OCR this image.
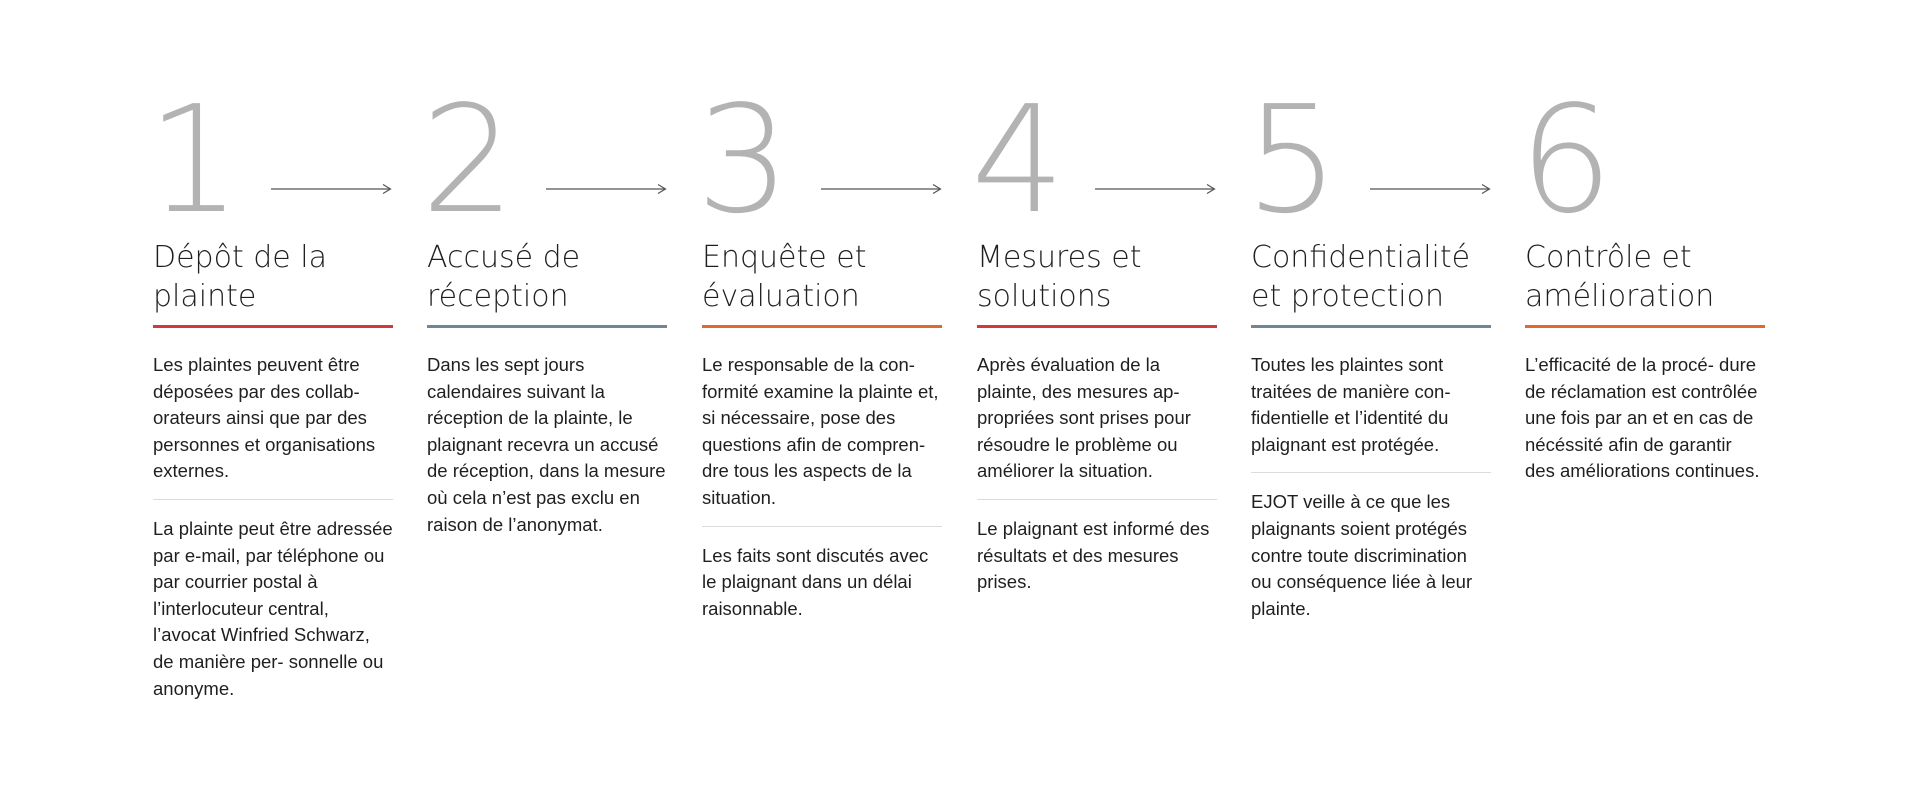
1
Dépôt de la
plainte

Les plaintes peuvent être déposées par des collab- orateurs ainsi que par des personnes et organisations externes.

La plainte peut être adressée par e-mail, par téléphone ou par courrier postal à l’interlocuteur central, l’avocat Winfried Schwarz, de manière per- sonnelle ou anonyme.

2
Accusé de
réception

Dans les sept jours calendaires suivant la réception de la plainte, le plaignant recevra un accusé de réception, dans la mesure où cela n’est pas exclu en raison de l’anonymat.

3
Enquête et
évaluation

Le responsable de la con- formité examine la plainte et, si nécessaire, pose des questions afin de compren- dre tous les aspects de la situation.

Les faits sont discutés avec le plaignant dans un délai raisonnable.

4
Mesures et
solutions

Après évaluation de la plainte, des mesures ap- propriées sont prises pour résoudre le problème ou améliorer la situation.

Le plaignant est informé des résultats et des mesures prises.

5
Confidentialité
et protection

Toutes les plaintes sont traitées de manière con- fidentielle et l’identité du plaignant est protégée.

EJOT veille à ce que les plaignants soient protégés contre toute discrimination ou conséquence liée à leur plainte.

6
Contrôle et
amélioration

L’efficacité de la procé- dure de réclamation est contrôlée une fois par an et en cas de nécéssité afin de garantir des améliorations continues.
